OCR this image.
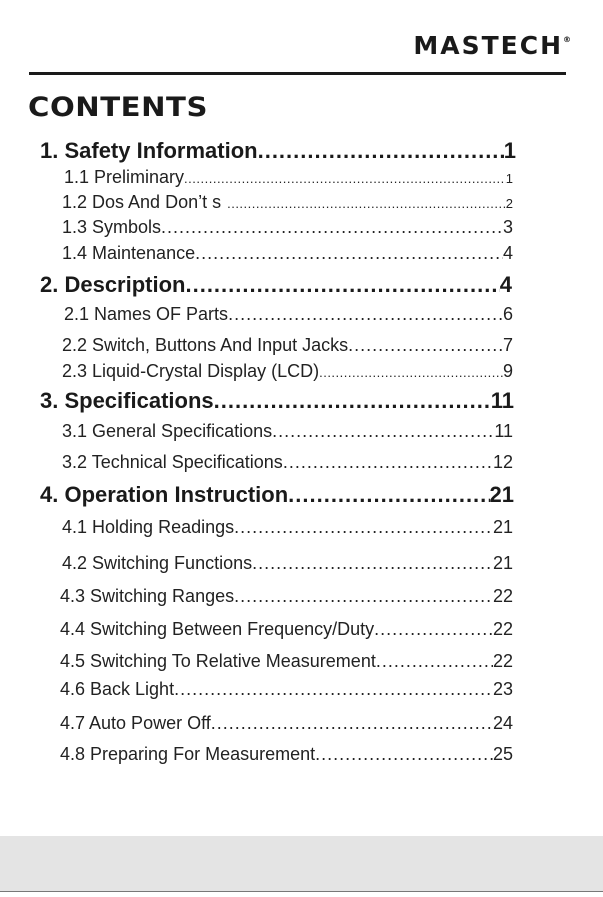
MASTECH®
CONTENTS
1. Safety Information .....	1
1.1 Preliminary .....	1
1.2 Dos And Don’t s .....	2
1.3 Symbols .....	3
1.4 Maintenance .....	4
2. Description .....	4
2.1 Names OF Parts .....	6
2.2 Switch, Buttons And Input Jacks .....	7
2.3 Liquid-Crystal Display (LCD) .....	9
3. Specifications .....	11
3.1 General Specifications .....	11
3.2 Technical Specifications .....	12
4. Operation Instruction .....	21
4.1 Holding Readings .....	21
4.2 Switching Functions .....	21
4.3 Switching Ranges .....	22
4.4 Switching Between Frequency/Duty .....	22
4.5 Switching To Relative Measurement .....	22
4.6 Back Light .....	23
4.7 Auto Power Off .....	24
4.8 Preparing For Measurement .....	25
